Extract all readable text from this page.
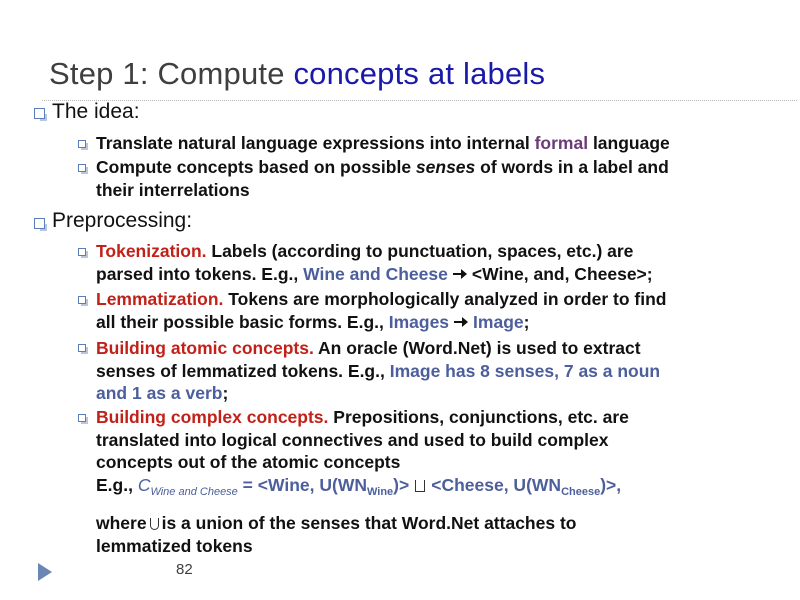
Step 1: Compute concepts at labels
The idea:
Translate natural language expressions into internal formal language
Compute concepts based on possible senses of words in a label and
their interrelations
Preprocessing:
Tokenization. Labels (according to punctuation, spaces, etc.) are
parsed into tokens. E.g., Wine and Cheese <Wine, and, Cheese>;
Lemmatization. Tokens are morphologically analyzed in order to find
all their possible basic forms. E.g., Images Image;
Building atomic concepts. An oracle (Word.Net) is used to extract
senses of lemmatized tokens. E.g., Image has 8 senses, 7 as a noun
and 1 as a verb;
Building complex concepts. Prepositions, conjunctions, etc. are
translated into logical connectives and used to build complex
concepts out of the atomic concepts
E.g., $C_{Wine and Cheese}$ = <Wine, $U(WN_{Wine})>$ <Cheese, $U(WN_{Cheese})>$,
where is a union of the senses that Word.Net attaches to
lemmatized tokens
82
